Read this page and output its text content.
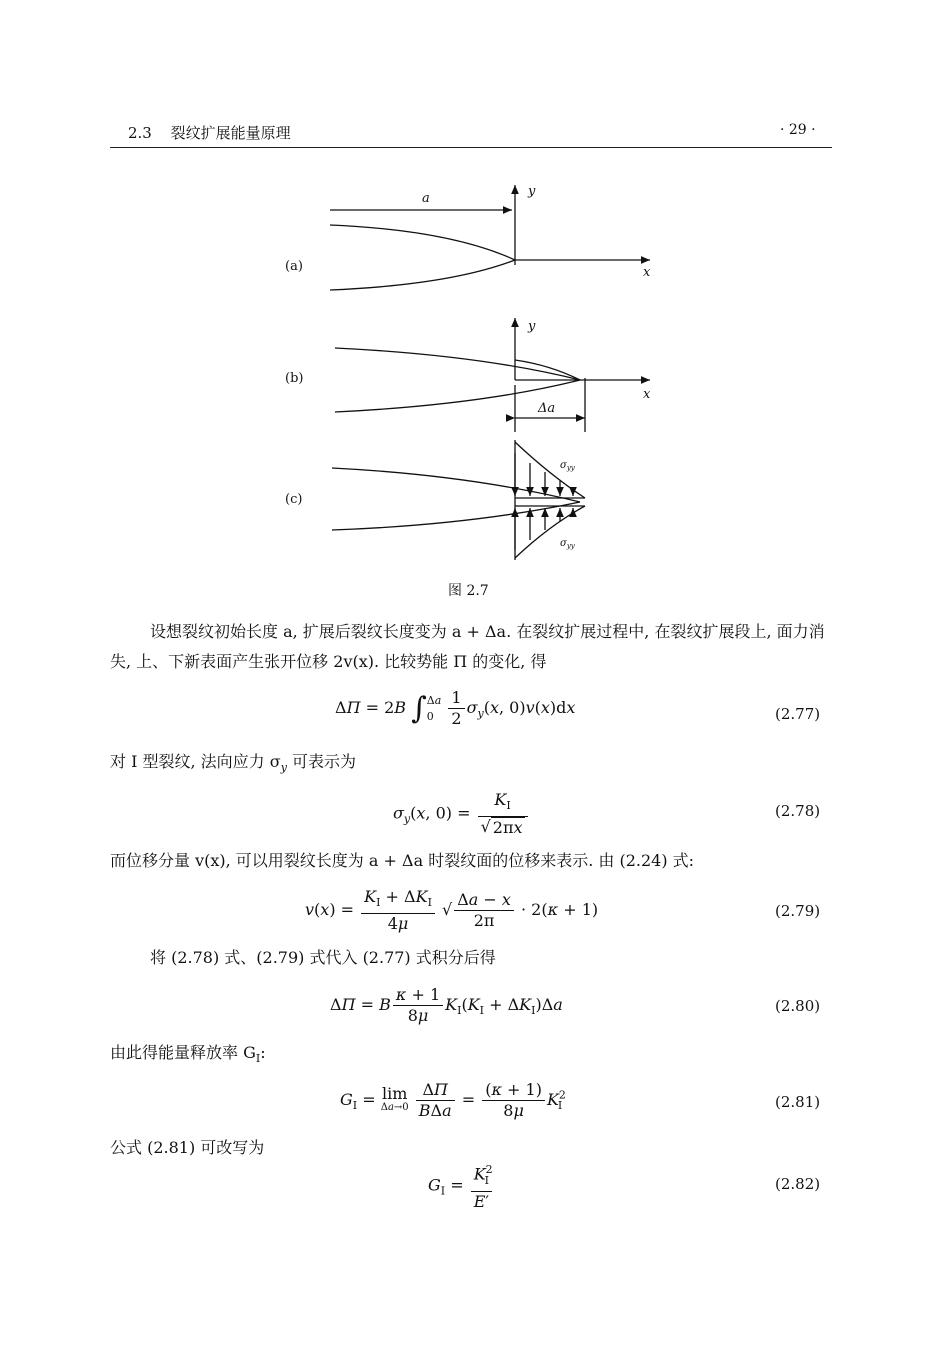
2.3 裂纹扩展能量原理	· 29 ·
(a)
(b)
(c)
a	y
x
y
x
Δa
$\sigma_{yy}$
$\sigma_{yy}$
图 2.7

设想裂纹初始长度 a, 扩展后裂纹长度变为 a + Δa. 在裂纹扩展过程中, 在裂纹扩展段上, 面力消失, 上、下新表面产生张开位移 2v(x). 比较势能 Π 的变化, 得

ΔΠ = 2B ∫Δa
$0 \frac{1}{2} \sigma_y(x$, 0)v(x)dx	(2.77)

对 I 型裂纹, 法向应力 $\sigma_y$ 可表示为

$\sigma_y(x$, $0) = \frac{K_I}{√ 2\pi x}$	(2.78)

而位移分量 v(x), 可以用裂纹长度为 a + Δa 时裂纹面的位移来表示. 由 (2.24) 式:

$v(x) = \frac{K_I + \Delta K_I}{4\mu}$ √ $\frac{\Delta a - x}{2\pi} \cdot 2(\kappa + 1)$	(2.79)

将 (2.78) 式、(2.79) 式代入 (2.77) 式积分后得

ΔΠ = B $\frac{\kappa + 1}{8\mu} K_I(K_I + \Delta K_I)\Delta a$	(2.80)

由此得能量释放率 $G_I$:

$G_I = \lim$
Δa→0
$\frac{\Delta\Pi}{\text{BΔa}} = \frac{(\kappa + 1)}{8\mu} K^2_I$	(2.81)

公式 (2.81) 可改写为

$G_I = \frac{K^2_I}{E'}$	(2.82)
